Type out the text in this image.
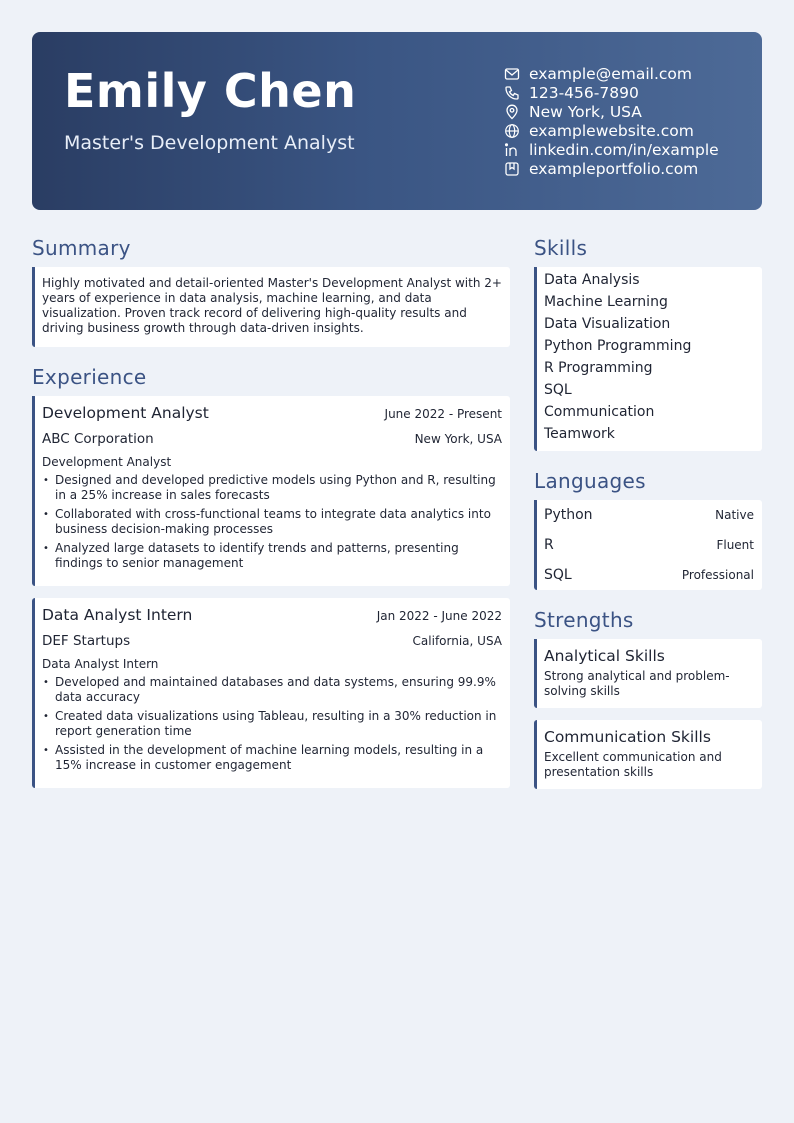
Emily Chen
Master's Development Analyst
example@email.com
123-456-7890
New York, USA
examplewebsite.com
linkedin.com/in/example
exampleportfolio.com
Summary
Highly motivated and detail-oriented Master's Development Analyst with 2+ years of experience in data analysis, machine learning, and data visualization. Proven track record of delivering high-quality results and driving business growth through data-driven insights.
Experience
Development Analyst	June 2022 - Present
ABC Corporation	New York, USA
Development Analyst
• Designed and developed predictive models using Python and R, resulting in a 25% increase in sales forecasts
• Collaborated with cross-functional teams to integrate data analytics into business decision-making processes
• Analyzed large datasets to identify trends and patterns, presenting findings to senior management
Data Analyst Intern	Jan 2022 - June 2022
DEF Startups	California, USA
Data Analyst Intern
• Developed and maintained databases and data systems, ensuring 99.9% data accuracy
• Created data visualizations using Tableau, resulting in a 30% reduction in report generation time
• Assisted in the development of machine learning models, resulting in a 15% increase in customer engagement
Skills
Data Analysis
Machine Learning
Data Visualization
Python Programming
R Programming
SQL
Communication
Teamwork
Languages
Python	Native
R	Fluent
SQL	Professional
Strengths
Analytical Skills
Strong analytical and problem-solving skills
Communication Skills
Excellent communication and presentation skills
